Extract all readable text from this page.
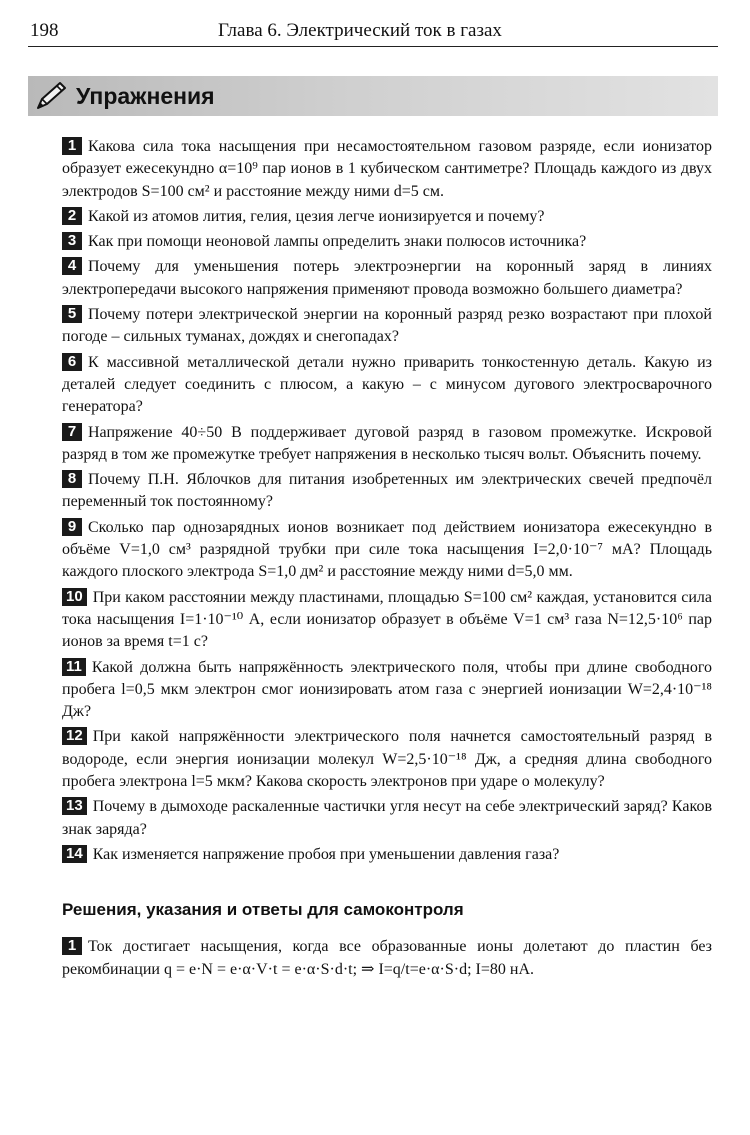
198	Глава 6. Электрический ток в газах
Упражнения

1 Какова сила тока насыщения при несамостоятельном газовом разряде, если ионизатор образует ежесекундно α=10⁹ пар ионов в 1 кубическом сантиметре? Площадь каждого из двух электродов S=100 см² и расстояние между ними d=5 см.

2 Какой из атомов лития, гелия, цезия легче ионизируется и почему?

3 Как при помощи неоновой лампы определить знаки полюсов источника?

4 Почему для уменьшения потерь электроэнергии на коронный заряд в линиях электропередачи высокого напряжения применяют провода возможно большего диаметра?

5 Почему потери электрической энергии на коронный разряд резко возрастают при плохой погоде – сильных туманах, дождях и снегопадах?

6 К массивной металлической детали нужно приварить тонкостенную деталь. Какую из деталей следует соединить с плюсом, а какую – с минусом дугового электросварочного генератора?

7 Напряжение 40÷50 В поддерживает дуговой разряд в газовом промежутке. Искровой разряд в том же промежутке требует напряжения в несколько тысяч вольт. Объяснить почему.

8 Почему П.Н. Яблочков для питания изобретенных им электрических свечей предпочёл переменный ток постоянному?

9 Сколько пар однозарядных ионов возникает под действием ионизатора ежесекундно в объёме V=1,0 см³ разрядной трубки при силе тока насыщения I=2,0·10⁻⁷ мА? Площадь каждого плоского электрода S=1,0 дм² и расстояние между ними d=5,0 мм.

10 При каком расстоянии между пластинами, площадью S=100 см² каждая, установится сила тока насыщения I=1·10⁻¹⁰ А, если ионизатор образует в объёме V=1 см³ газа N=12,5·10⁶ пар ионов за время t=1 с?

11 Какой должна быть напряжённость электрического поля, чтобы при длине свободного пробега l=0,5 мкм электрон смог ионизировать атом газа с энергией ионизации W=2,4·10⁻¹⁸ Дж?

12 При какой напряжённости электрического поля начнется самостоятельный разряд в водороде, если энергия ионизации молекул W=2,5·10⁻¹⁸ Дж, а средняя длина свободного пробега электрона l=5 мкм? Какова скорость электронов при ударе о молекулу?

13 Почему в дымоходе раскаленные частички угля несут на себе электрический заряд? Каков знак заряда?

14 Как изменяется напряжение пробоя при уменьшении давления газа?

Решения, указания и ответы для самоконтроля

1 Ток достигает насыщения, когда все образованные ионы долетают до пластин без рекомбинации q = e·N = e·α·V·t = e·α·S·d·t; ⇒ I=q/t=e·α·S·d; I=80 нА.
